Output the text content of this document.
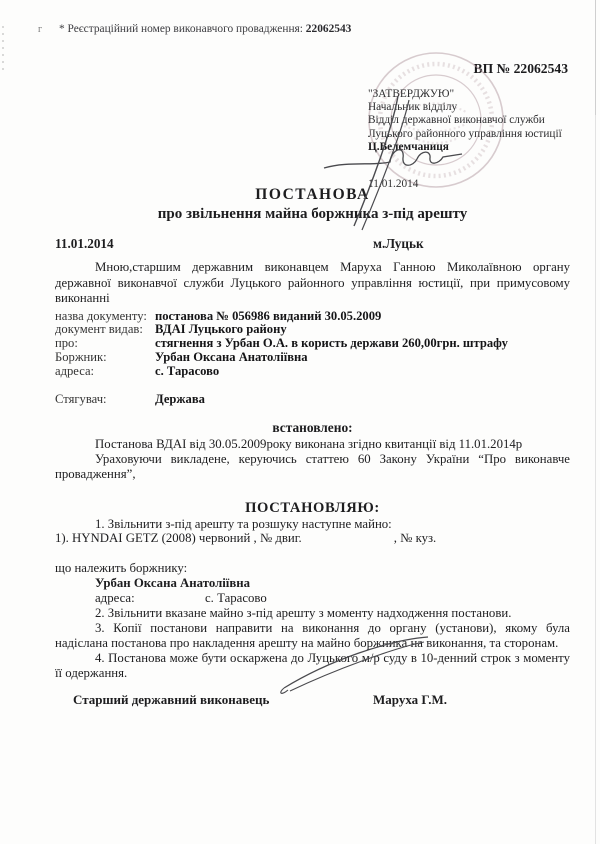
г * Реєстраційний номер виконавчого провадження: 22062543
ВП № 22062543
"ЗАТВЕРДЖУЮ"
Начальник відділу
Відділ державної виконавчої служби
Луцького районного управління юстиції
Ц.Велемчаниця
11.01.2014
ПОСТАНОВА
про звільнення майна боржника з-під арешту
11.01.2014	м.Луцьк

Мною,старшим державним виконавцем Маруха Ганною Миколаївною органу державної виконавчої служби Луцького районного управління юстиції, при примусовому виконанні

назва документу: постанова № 056986 виданий 30.05.2009
документ видав: ВДАІ Луцького району
про:	стягнення з Урбан О.А. в користь держави 260,00грн. штрафу
Боржник:	Урбан Оксана Анатоліївна
адреса:	с. Тарасово
Стягувач:	Держава
встановлено:

Постанова ВДАІ від 30.05.2009року виконана згідно квитанції від 11.01.2014р

Ураховуючи викладене, керуючись статтею 60 Закону України “Про виконавче провадження”,

ПОСТАНОВЛЯЮ:

1. Звільнити з-під арешту та розшуку наступне майно:

1). HYNDAI GETZ (2008) червоний , № двиг.	, № куз.

що належить боржнику:

Урбан Оксана Анатоліївна
адреса:	с. Тарасово

2. Звільнити вказане майно з-під арешту з моменту надходження постанови.

3. Копії постанови направити на виконання до органу (установи), якому була надіслана постанова про накладення арешту на майно боржника на виконання, та сторонам.

4. Постанова може бути оскаржена до Луцького м/р суду в 10-денний строк з моменту її одержання.

Старший державний виконавець	Маруха Г.М.
